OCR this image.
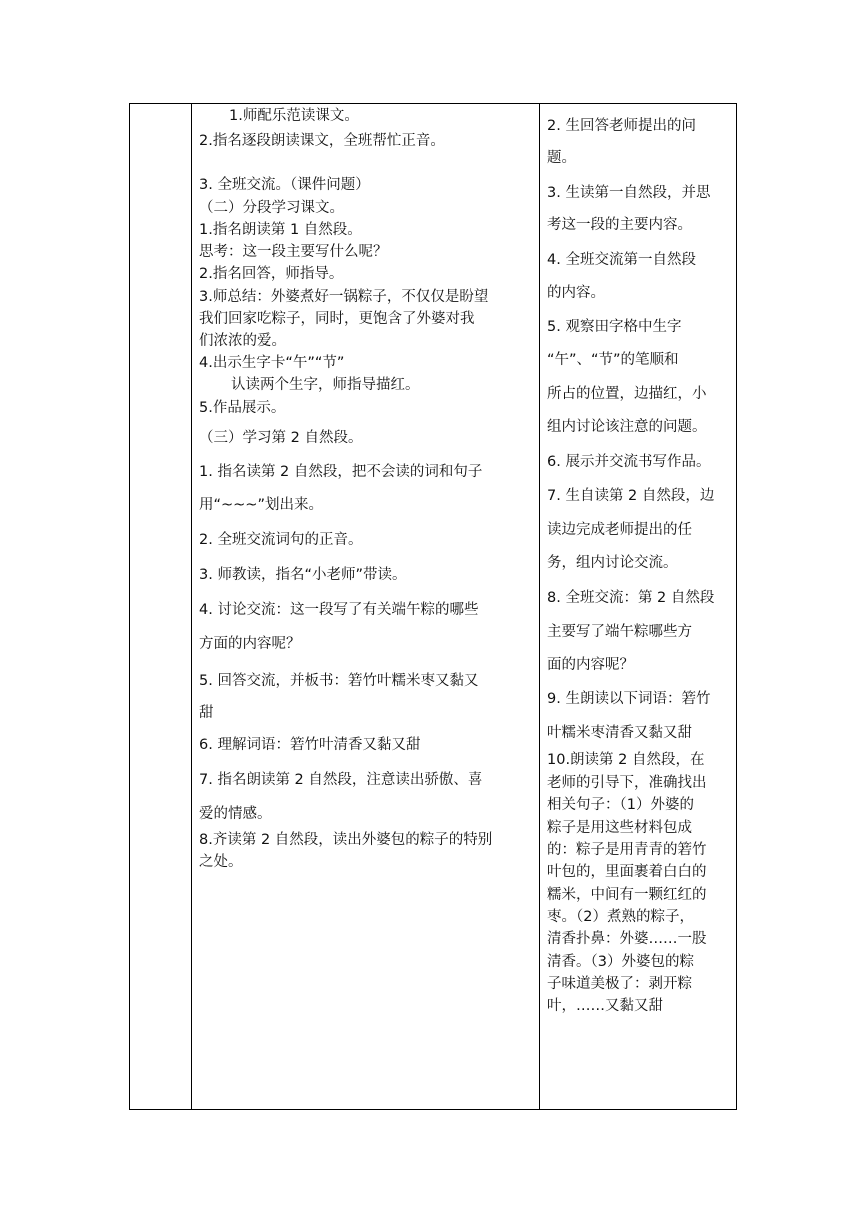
1.师配乐范读课文。
2.指名逐段朗读课文，全班帮忙正音。
3. 全班交流。（课件问题）
（二）分段学习课文。
1.指名朗读第 1 自然段。
思考：这一段主要写什么呢？
2.指名回答，师指导。
3.师总结：外婆煮好一锅粽子，不仅仅是盼望
我们回家吃粽子，同时，更饱含了外婆对我
们浓浓的爱。
4.出示生字卡“午”“节”
认读两个生字，师指导描红。
5.作品展示。
（三）学习第 2 自然段。
1. 指名读第 2 自然段，把不会读的词和句子
用“~~~”划出来。
2. 全班交流词句的正音。
3. 师教读，指名“小老师”带读。
4. 讨论交流：这一段写了有关端午粽的哪些
方面的内容呢？
5. 回答交流，并板书：箬竹叶糯米枣又黏又
甜
6. 理解词语：箬竹叶清香又黏又甜
7. 指名朗读第 2 自然段，注意读出骄傲、喜
爱的情感。
8.齐读第 2 自然段，读出外婆包的粽子的特别
之处。
2. 生回答老师提出的问
题。
3. 生读第一自然段，并思
考这一段的主要内容。
4. 全班交流第一自然段
的内容。
5. 观察田字格中生字
“午”、“节”的笔顺和
所占的位置，边描红，小
组内讨论该注意的问题。
6. 展示并交流书写作品。
7. 生自读第 2 自然段，边
读边完成老师提出的任
务，组内讨论交流。
8. 全班交流：第 2 自然段
主要写了端午粽哪些方
面的内容呢？
9. 生朗读以下词语：箬竹
叶糯米枣清香又黏又甜
10.朗读第 2 自然段，在
老师的引导下，准确找出
相关句子：（1）外婆的
粽子是用这些材料包成
的：粽子是用青青的箬竹
叶包的，里面裹着白白的
糯米，中间有一颗红红的
枣。（2）煮熟的粽子，
清香扑鼻：外婆……一股
清香。（3）外婆包的粽
子味道美极了：剥开粽
叶，……又黏又甜
